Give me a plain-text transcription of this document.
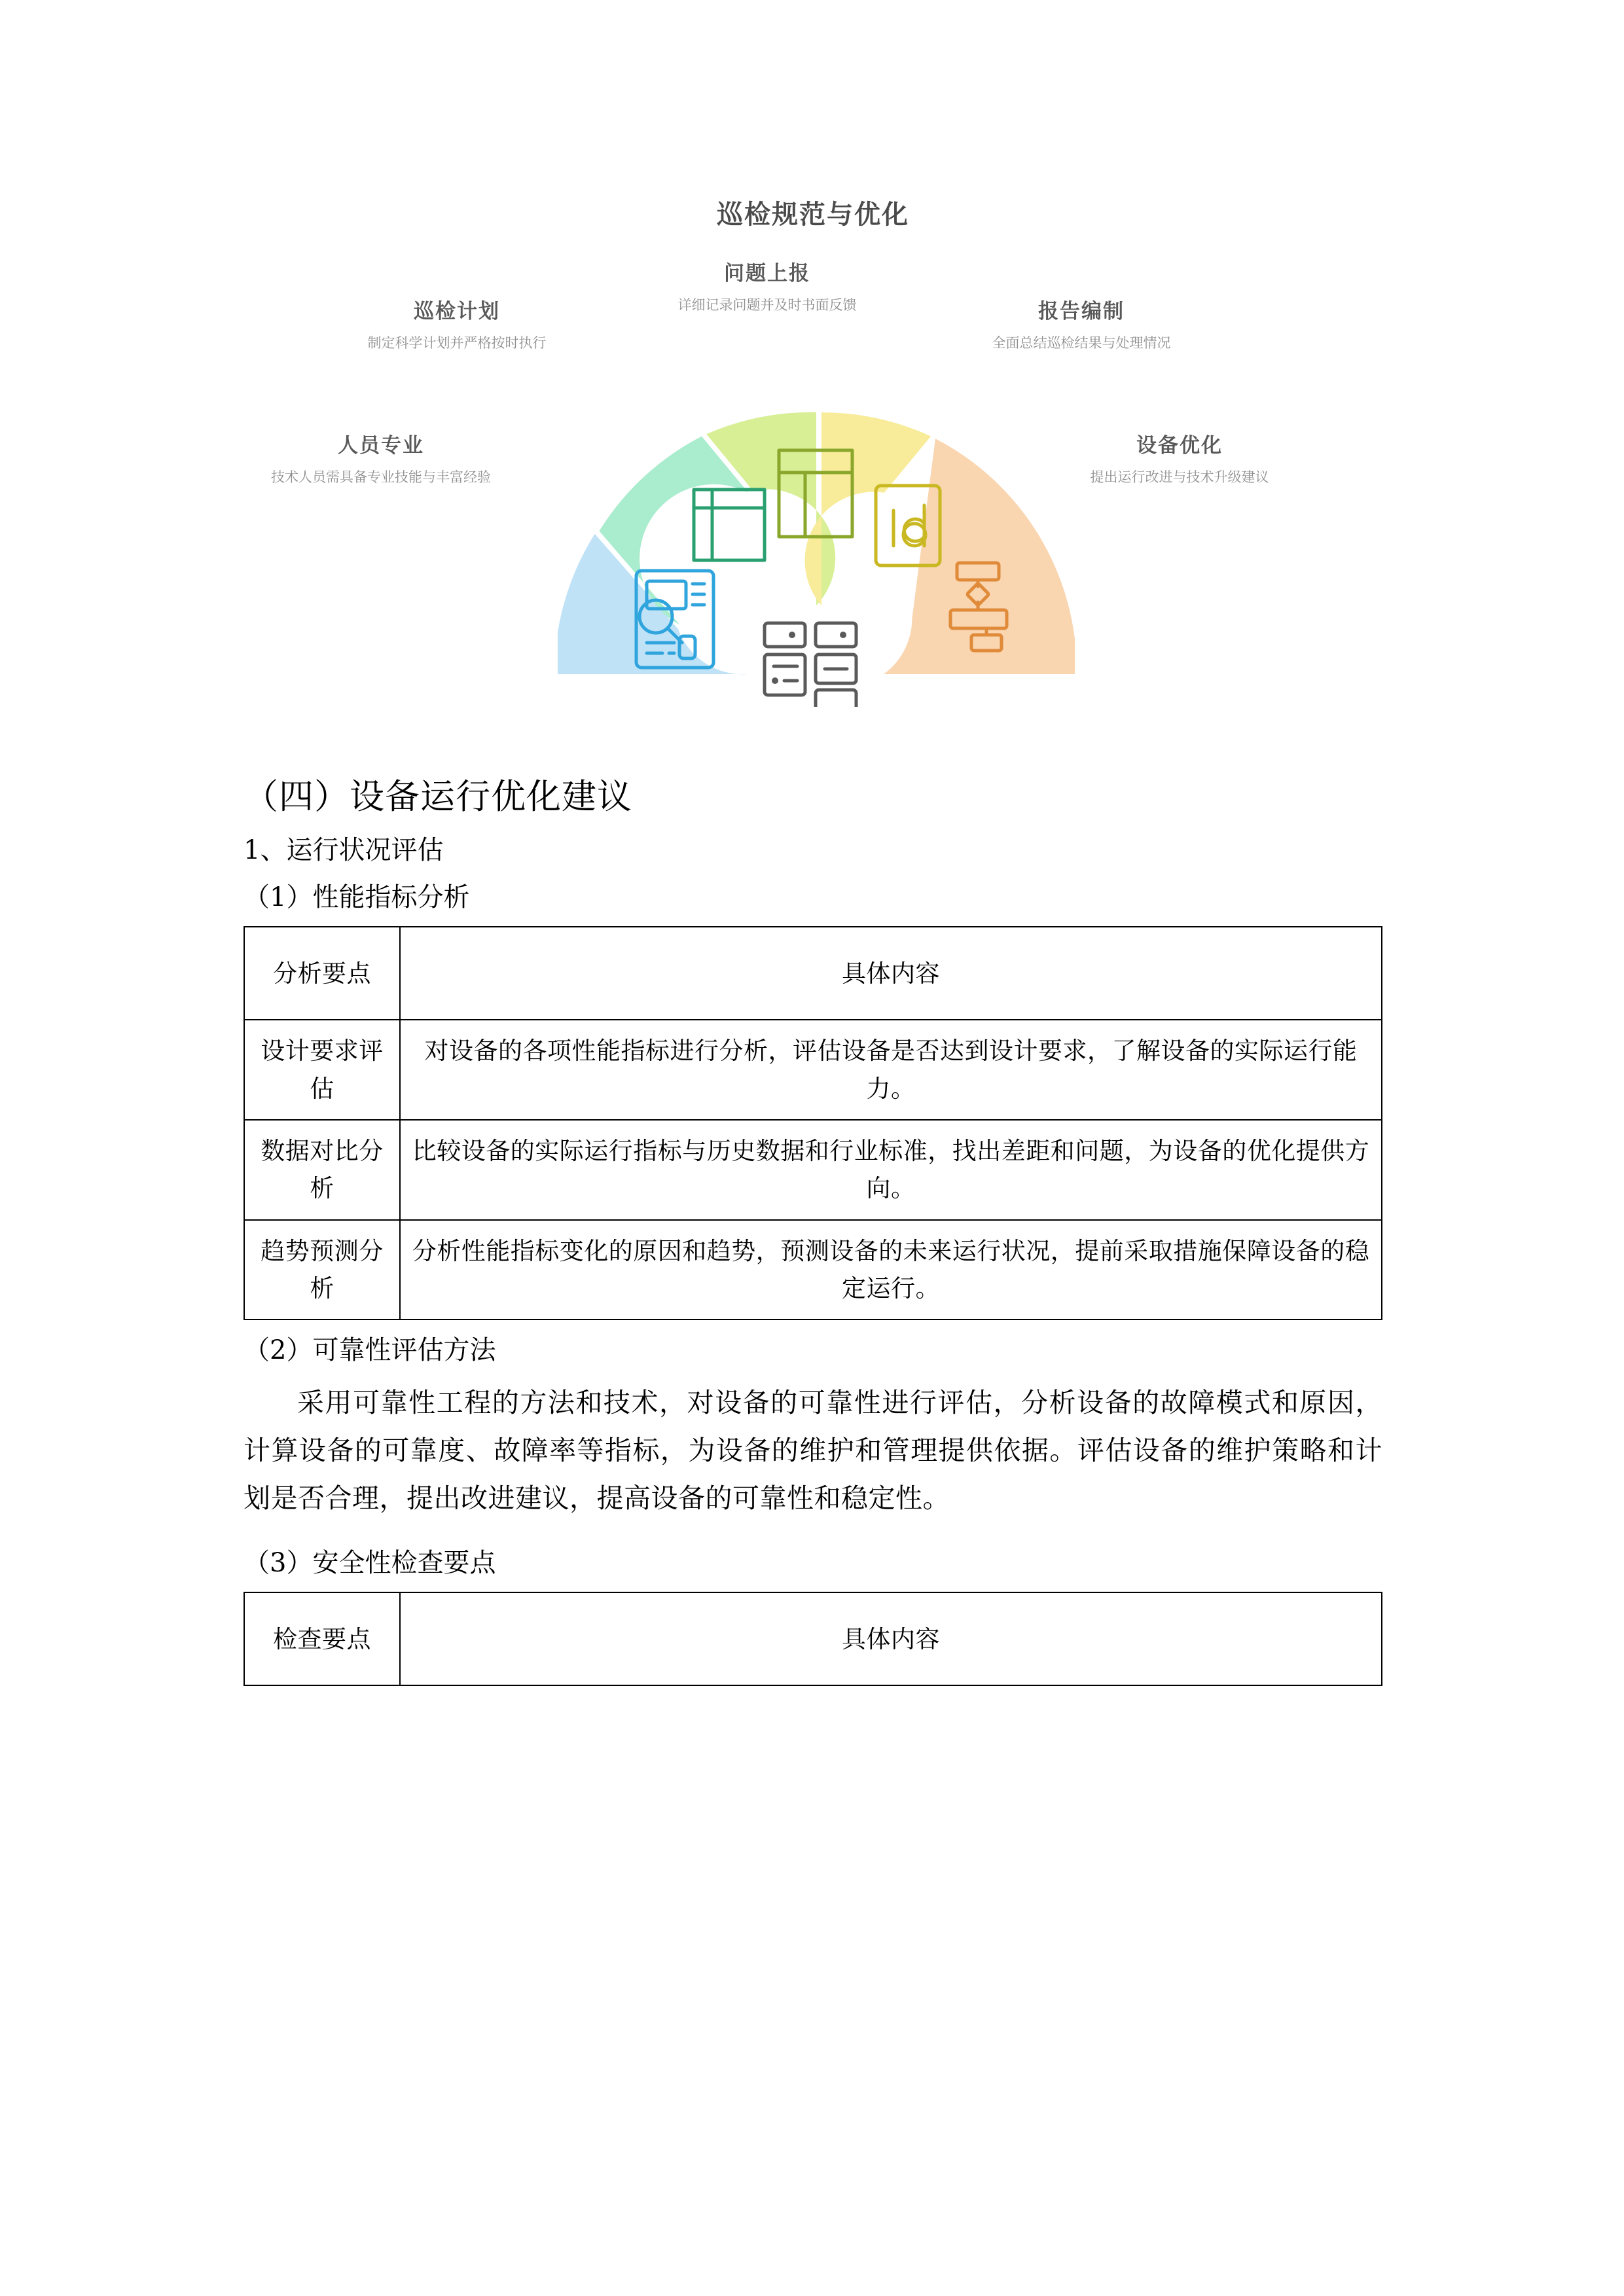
巡检规范与优化
巡检计划
制定科学计划并严格按时执行
问题上报
详细记录问题并及时书面反馈	报告编制
全面总结巡检结果与处理情况
人员专业
技术人员需具备专业技能与丰富经验
设备优化
提出运行改进与技术升级建议
（四）设备运行优化建议

1、运行状况评估

（1）性能指标分析

分析要点	具体内容
设计要求评估	对设备的各项性能指标进行分析，评估设备是否达到设计要求，了解设备的实际运行能力。
数据对比分析	比较设备的实际运行指标与历史数据和行业标准，找出差距和问题，为设备的优化提供方向。
趋势预测分析	分析性能指标变化的原因和趋势，预测设备的未来运行状况，提前采取措施保障设备的稳定运行。

（2）可靠性评估方法

采用可靠性工程的方法和技术，对设备的可靠性进行评估，分析设备的故障模式和原因，计算设备的可靠度、故障率等指标，为设备的维护和管理提供依据。评估设备的维护策略和计划是否合理，提出改进建议，提高设备的可靠性和稳定性。

（3）安全性检查要点

检查要点	具体内容
